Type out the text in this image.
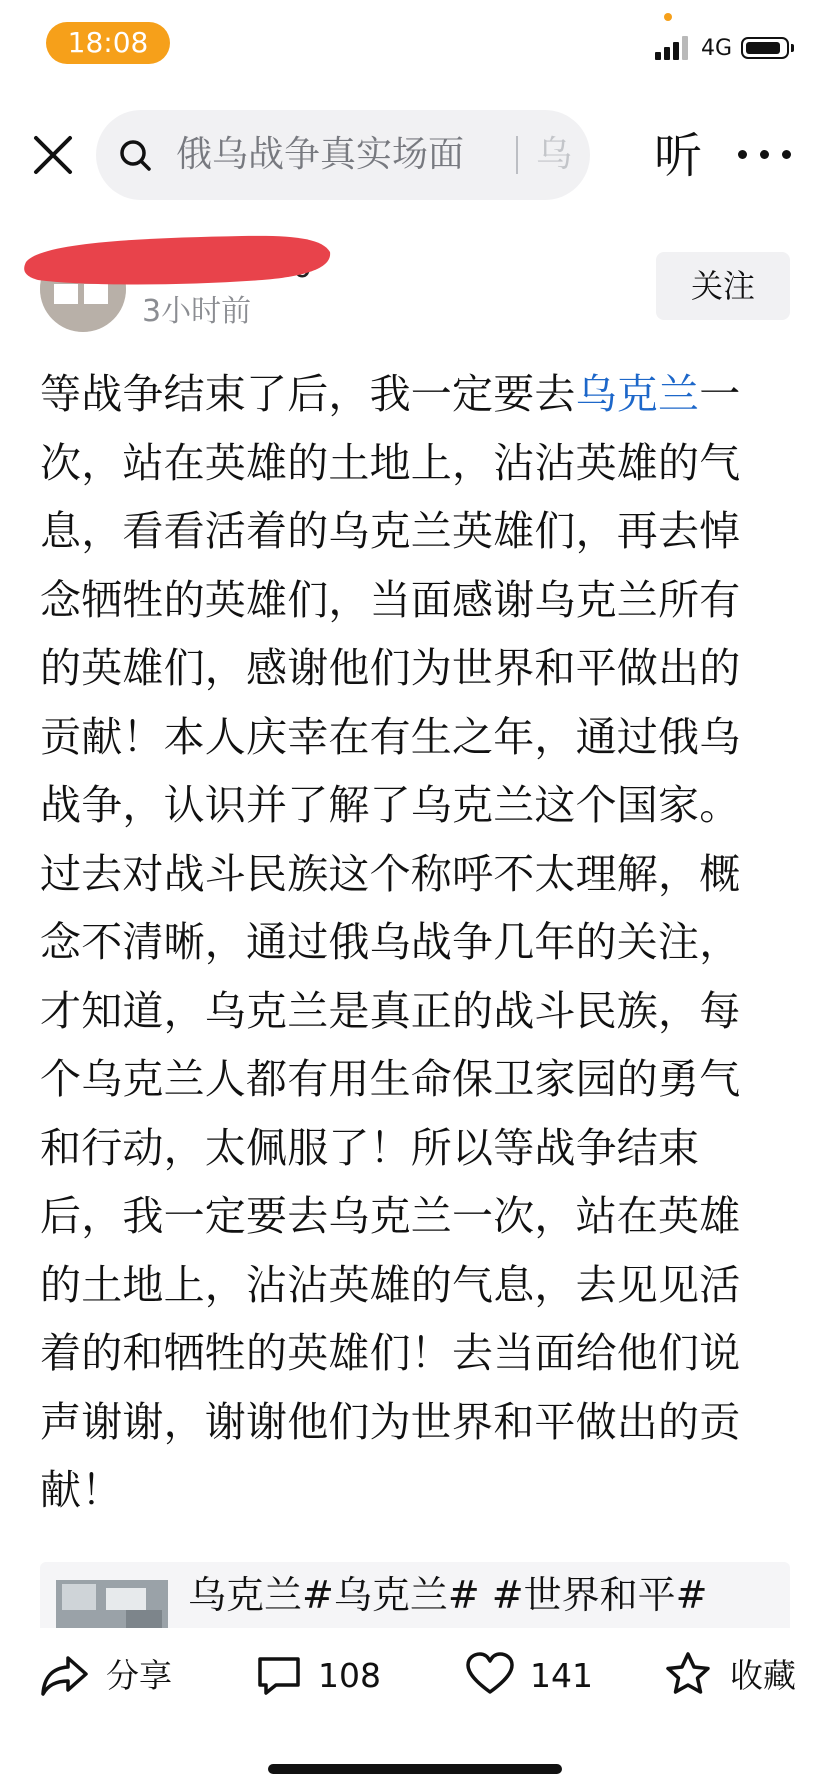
18:08	4G
俄乌战争真实场面 乌 听
3小时前
关注

等战争结束了后，我一定要去乌克兰一

次，站在英雄的土地上，沾沾英雄的气

息，看看活着的乌克兰英雄们，再去悼

念牺牲的英雄们，当面感谢乌克兰所有

的英雄们，感谢他们为世界和平做出的

贡献！本人庆幸在有生之年，通过俄乌

战争，认识并了解了乌克兰这个国家。

过去对战斗民族这个称呼不太理解，概

念不清晰，通过俄乌战争几年的关注，

才知道，乌克兰是真正的战斗民族，每

个乌克兰人都有用生命保卫家园的勇气

和行动，太佩服了！所以等战争结束

后，我一定要去乌克兰一次，站在英雄

的土地上，沾沾英雄的气息，去见见活

着的和牺牲的英雄们！去当面给他们说

声谢谢，谢谢他们为世界和平做出的贡

献！

乌克兰#乌克兰# #世界和平#
分享	108	141	收藏
